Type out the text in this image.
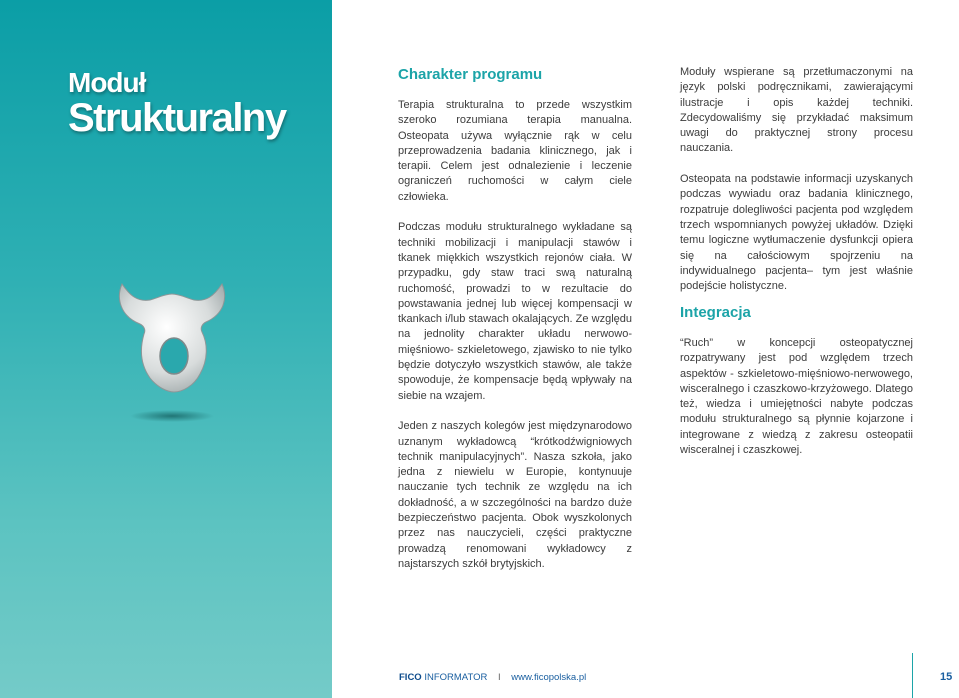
Moduł
Strukturalny
Charakter programu

Terapia strukturalna to przede wszystkim szeroko rozumiana terapia manualna. Osteopata używa wyłącznie rąk w celu przeprowadzenia badania klinicznego, jak i terapii. Celem jest odnalezienie i leczenie ograniczeń ruchomości w całym ciele człowieka.

Podczas modułu strukturalnego wykładane są techniki mobilizacji i manipulacji stawów i tkanek miękkich wszystkich rejonów ciała. W przypadku, gdy staw traci swą naturalną ruchomość, prowadzi to w rezultacie do powstawania jednej lub więcej kompensacji w tkankach i/lub stawach okalających. Ze względu na jednolity charakter układu nerwowo-mięśniowo- szkieletowego, zjawisko to nie tylko będzie dotyczyło wszystkich stawów, ale także spowoduje, że kompensacje będą wpływały na siebie na wzajem.

Jeden z naszych kolegów jest międzynarodowo uznanym wykładowcą “krótkodźwigniowych technik manipulacyjnych”. Nasza szkoła, jako jedna z niewielu w Europie, kontynuuje nauczanie tych technik ze względu na ich dokładność, a w szczególności na bardzo duże bezpieczeństwo pacjenta. Obok wyszkolonych przez nas nauczycieli, części praktyczne prowadzą renomowani wykładowcy z najstarszych szkół brytyjskich.

Moduły wspierane są przetłumaczonymi na język polski podręcznikami, zawierającymi ilustracje i opis każdej techniki. Zdecydowaliśmy się przykładać maksimum uwagi do praktycznej strony procesu nauczania.

Osteopata na podstawie informacji uzyskanych podczas wywiadu oraz badania klinicznego, rozpatruje dolegliwości pacjenta pod względem trzech wspomnianych powyżej układów. Dzięki temu logiczne wytłumaczenie dysfunkcji opiera się na całościowym spojrzeniu na indywidualnego pacjenta– tym jest właśnie podejście holistyczne.

Integracja

“Ruch” w koncepcji osteopatycznej rozpatrywany jest pod względem trzech aspektów - szkieletowo-mięśniowo-nerwowego, wisceralnego i czaszkowo-krzyżowego. Dlatego też, wiedza i umiejętności nabyte podczas modułu strukturalnego są płynnie kojarzone i integrowane z wiedzą z zakresu osteopatii wisceralnej i czaszkowej.

FICO INFORMATOR I www.ficopolska.pl	15
